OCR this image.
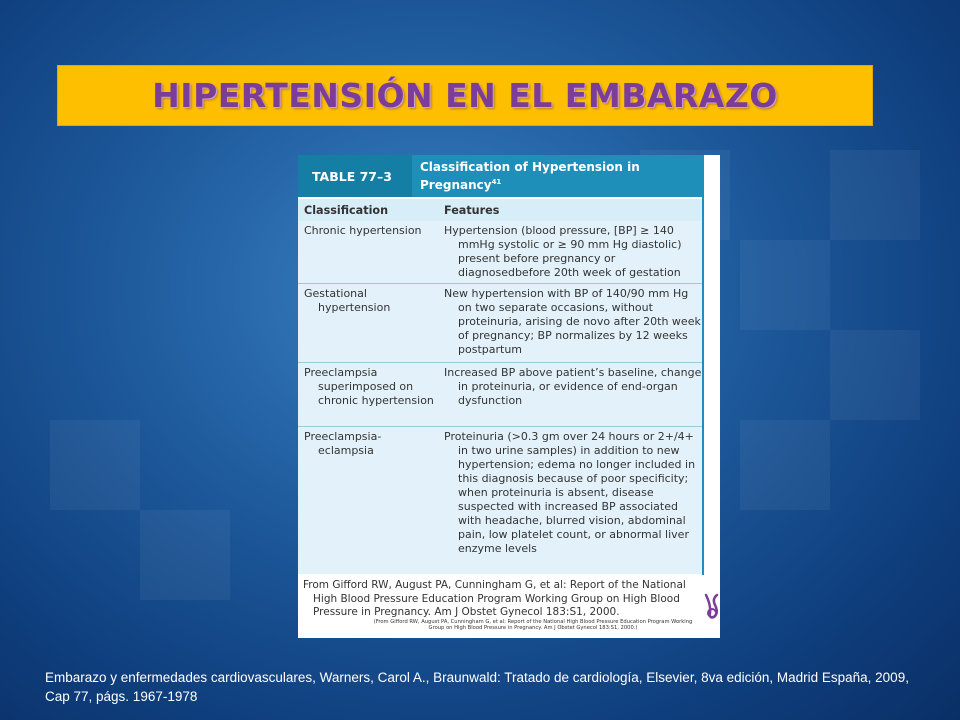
HIPERTENSIÓN EN EL EMBARAZO
TABLE 77–3
Classification of Hypertension in Pregnancy$^{41}$
Classification	Features

Chronic hypertension	Hypertension (blood pressure, [BP] ≥ 140 mmHg systolic or ≥ 90 mm Hg diastolic) present before pregnancy or diagnosedbefore 20th week of gestation

Gestational hypertension

New hypertension with BP of 140/90 mm Hg on two separate occasions, without proteinuria, arising de novo after 20th week of pregnancy; BP normalizes by 12 weeks postpartum

Preeclampsia superimposed on chronic hypertension

Increased BP above patient’s baseline, change in proteinuria, or evidence of end-organ dysfunction

Preeclampsia-eclampsia

Proteinuria (>0.3 gm over 24 hours or 2+/4+ in two urine samples) in addition to new hypertension; edema no longer included in this diagnosis because of poor specificity; when proteinuria is absent, disease suspected with increased BP associated with headache, blurred vision, abdominal pain, low platelet count, or abnormal liver enzyme levels

From Gifford RW, August PA, Cunningham G, et al: Report of the National High Blood Pressure Education Program Working Group on High Blood Pressure in Pregnancy. Am J Obstet Gynecol 183:S1, 2000.

(From Gifford RW, August PA, Cunningham G, et al: Report of the National High Blood Pressure Education Program Working Group on High Blood Pressure in Pregnancy. Am J Obstet Gynecol 183:S1, 2000.)
Embarazo y enfermedades cardiovasculares, Warners, Carol A., Braunwald: Tratado de cardiología, Elsevier, 8va edición, Madrid España, 2009, Cap 77, págs. 1967-1978
